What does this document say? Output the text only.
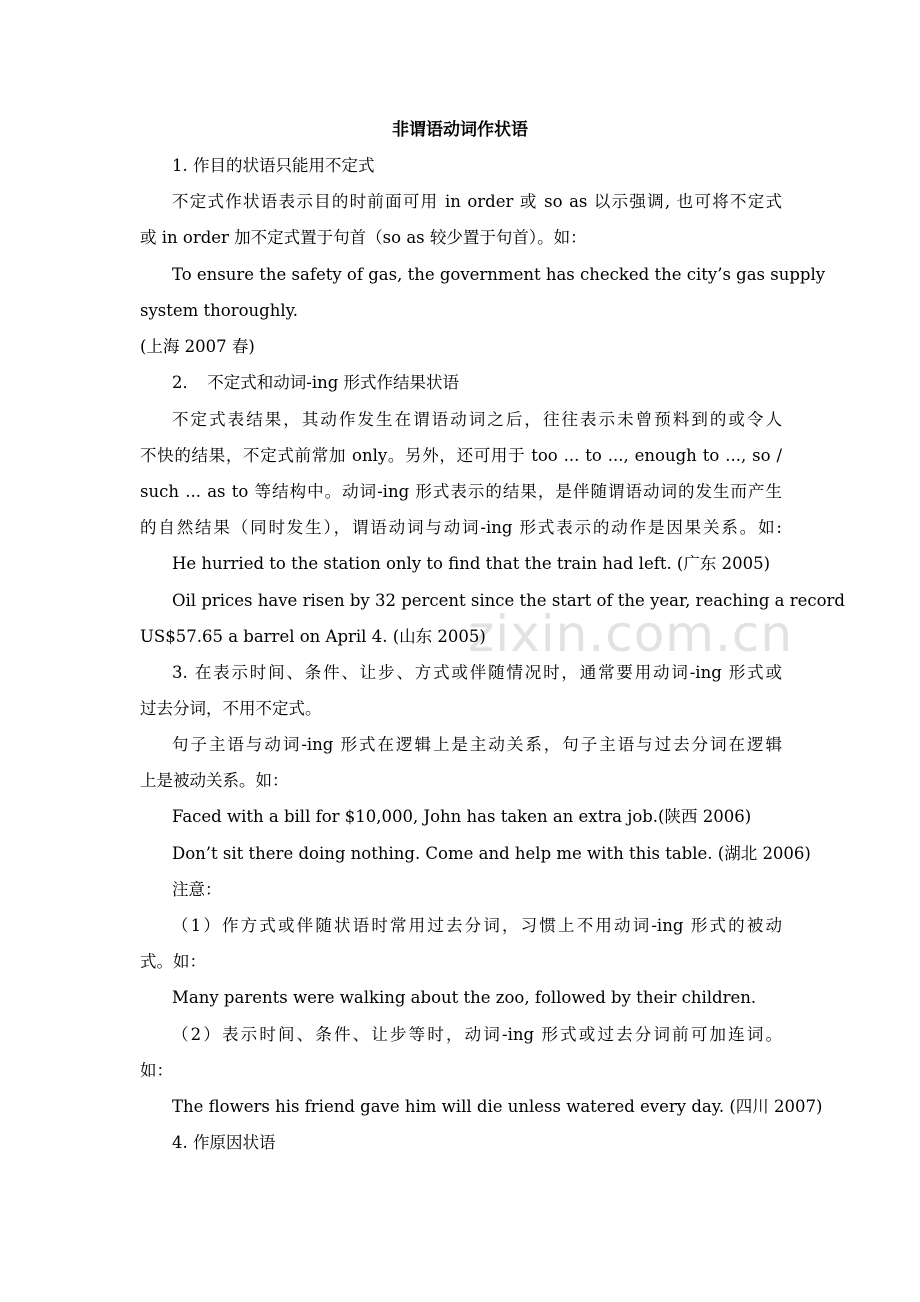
zixin.com.cn
非谓语动词作状语
1. 作目的状语只能用不定式
不定式作状语表示目的时前面可用 in order 或 so as 以示强调, 也可将不定式
或 in order 加不定式置于句首（so as 较少置于句首）。如：
To ensure the safety of gas, the government has checked the city’s gas supply
system thoroughly.
(上海 2007 春)
2．　不定式和动词-ing 形式作结果状语
不定式表结果，其动作发生在谓语动词之后，往往表示未曾预料到的或令人
不快的结果，不定式前常加 only。另外，还可用于 too ... to ..., enough to ..., so /
such ... as to 等结构中。动词-ing 形式表示的结果，是伴随谓语动词的发生而产生
的自然结果（同时发生），谓语动词与动词-ing 形式表示的动作是因果关系。如:
He hurried to the station only to find that the train had left. (广东 2005)
Oil prices have risen by 32 percent since the start of the year, reaching a record
US$57.65 a barrel on April 4. (山东 2005)
3. 在表示时间、条件、让步、方式或伴随情况时，通常要用动词-ing 形式或
过去分词，不用不定式。
句子主语与动词-ing 形式在逻辑上是主动关系，句子主语与过去分词在逻辑
上是被动关系。如：
Faced with a bill for $10,000, John has taken an extra job.(陕西 2006)
Don’t sit there doing nothing. Come and help me with this table. (湖北 2006)
注意：
（1）作方式或伴随状语时常用过去分词，习惯上不用动词-ing 形式的被动
式。如：
Many parents were walking about the zoo, followed by their children.
（2）表示时间、条件、让步等时，动词-ing 形式或过去分词前可加连词。
如：
The flowers his friend gave him will die unless watered every day. (四川 2007)
4. 作原因状语
